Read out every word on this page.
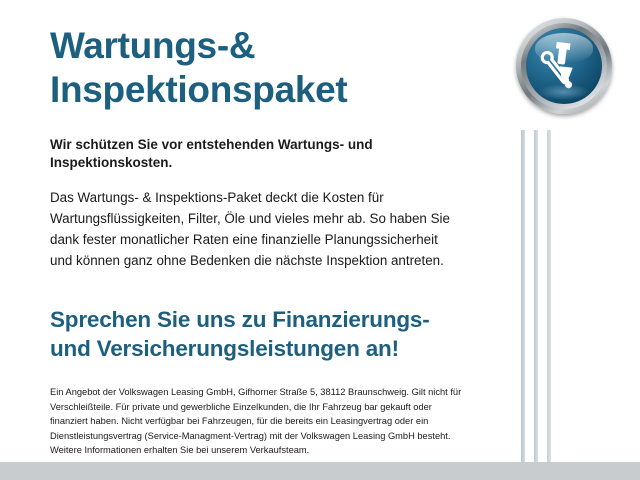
Wartungs-&
Inspektionspaket

Wir schützen Sie vor entstehenden Wartungs- und Inspektionskosten.

Das Wartungs- & Inspektions-Paket deckt die Kosten für Wartungsflüssigkeiten, Filter, Öle und vieles mehr ab. So haben Sie dank fester monatlicher Raten eine finanzielle Planungssicherheit und können ganz ohne Bedenken die nächste Inspektion antreten.

Sprechen Sie uns zu Finanzierungs- und Versicherungsleistungen an!

Ein Angebot der Volkswagen Leasing GmbH, Gifhorner Straße 5, 38112 Braunschweig. Gilt nicht für Verschleißteile. Für private und gewerbliche Einzelkunden, die Ihr Fahrzeug bar gekauft oder finanziert haben. Nicht verfügbar bei Fahrzeugen, für die bereits ein Leasingvertrag oder ein Dienstleistungsvertrag (Service-Managment-Vertrag) mit der Volkswagen Leasing GmbH besteht. Weitere Informationen erhalten Sie bei unserem Verkaufsteam.
